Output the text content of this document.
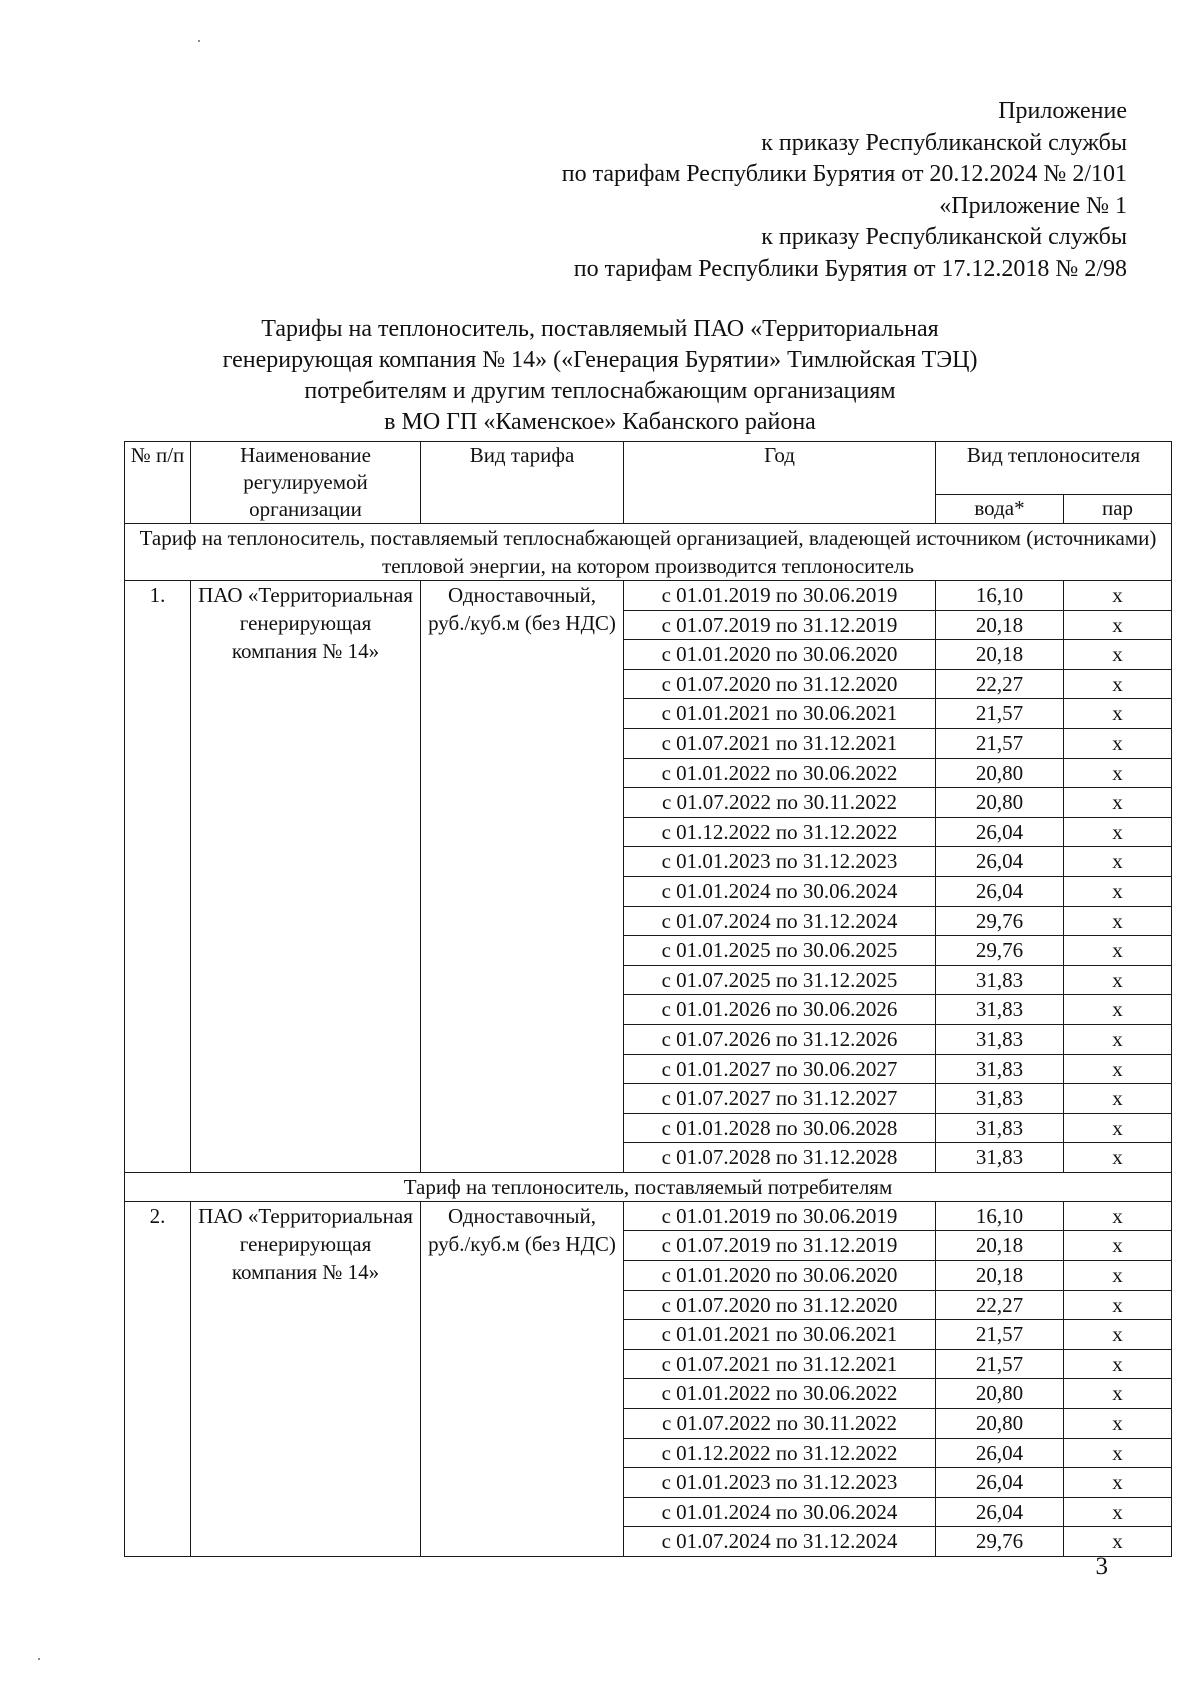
Приложение
к приказу Республиканской службы
по тарифам Республики Бурятия от 20.12.2024 № 2/101
«Приложение № 1
к приказу Республиканской службы
по тарифам Республики Бурятия от 17.12.2018 № 2/98
Тарифы на теплоноситель, поставляемый ПАО «Территориальная
генерирующая компания № 14» («Генерация Бурятии» Тимлюйская ТЭЦ)
потребителям и другим теплоснабжающим организациям
в МО ГП «Каменское» Кабанского района
№ п/п	Наименование регулируемой организации	Вид тарифа	Год	Вид теплоносителя	
				вода*	пар
Тариф на теплоноситель, поставляемый теплоснабжающей организацией, владеющей источником (источниками) тепловой энергии, на котором производится теплоноситель					
1.	ПАО «Территориальная генерирующая компания № 14»	Одноставочный, руб./куб.м (без НДС)	с 01.01.2019 по 30.06.2019	16,10	х
			с 01.07.2019 по 31.12.2019	20,18	х
			с 01.01.2020 по 30.06.2020	20,18	х
			с 01.07.2020 по 31.12.2020	22,27	х
			с 01.01.2021 по 30.06.2021	21,57	х
			с 01.07.2021 по 31.12.2021	21,57	х
			с 01.01.2022 по 30.06.2022	20,80	х
			с 01.07.2022 по 30.11.2022	20,80	х
			с 01.12.2022 по 31.12.2022	26,04	х
			с 01.01.2023 по 31.12.2023	26,04	х
			с 01.01.2024 по 30.06.2024	26,04	х
			с 01.07.2024 по 31.12.2024	29,76	х
			с 01.01.2025 по 30.06.2025	29,76	х
			с 01.07.2025 по 31.12.2025	31,83	х
			с 01.01.2026 по 30.06.2026	31,83	х
			с 01.07.2026 по 31.12.2026	31,83	х
			с 01.01.2027 по 30.06.2027	31,83	х
			с 01.07.2027 по 31.12.2027	31,83	х
			с 01.01.2028 по 30.06.2028	31,83	х
			с 01.07.2028 по 31.12.2028	31,83	х
Тариф на теплоноситель, поставляемый потребителям					
2.	ПАО «Территориальная генерирующая компания № 14»	Одноставочный, руб./куб.м (без НДС)	с 01.01.2019 по 30.06.2019	16,10	х
			с 01.07.2019 по 31.12.2019	20,18	х
			с 01.01.2020 по 30.06.2020	20,18	х
			с 01.07.2020 по 31.12.2020	22,27	х
			с 01.01.2021 по 30.06.2021	21,57	х
			с 01.07.2021 по 31.12.2021	21,57	х
			с 01.01.2022 по 30.06.2022	20,80	х
			с 01.07.2022 по 30.11.2022	20,80	х
			с 01.12.2022 по 31.12.2022	26,04	х
			с 01.01.2023 по 31.12.2023	26,04	х
			с 01.01.2024 по 30.06.2024	26,04	х
			с 01.07.2024 по 31.12.2024	29,76	х
3
